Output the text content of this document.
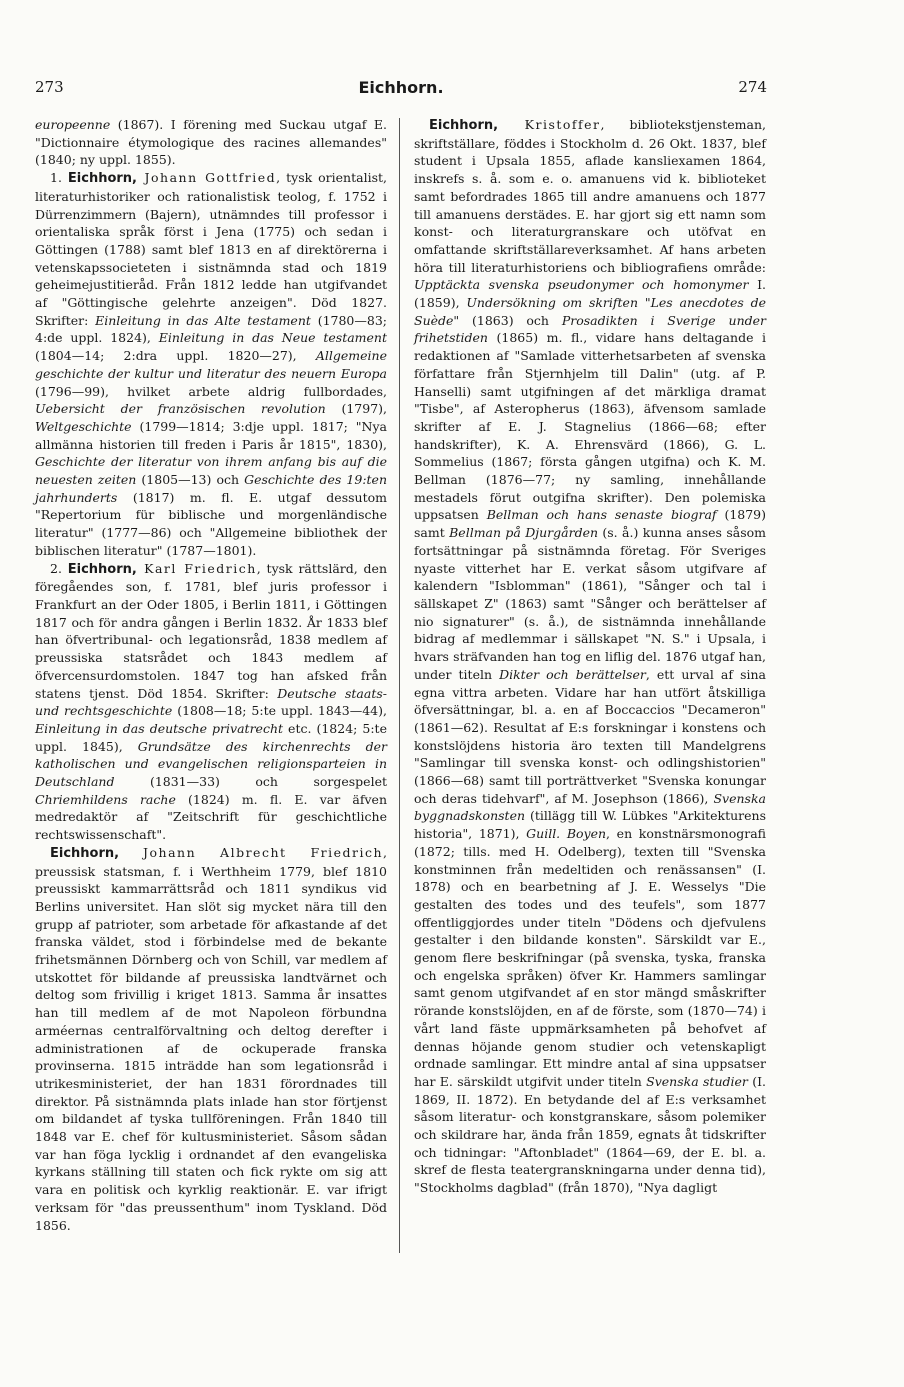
273	Eichhorn.	274

europeenne (1867). I förening med Suckau utgaf E. "Dictionnaire étymologique des racines allemandes" (1840; ny uppl. 1855).

1. Eichhorn, Johann Gottfried, tysk orientalist, literaturhistoriker och rationalistisk teolog, f. 1752 i Dürrenzimmern (Bajern), utnämndes till professor i orientaliska språk först i Jena (1775) och sedan i Göttingen (1788) samt blef 1813 en af direktörerna i vetenskapssocieteten i sistnämnda stad och 1819 geheimejustitieråd. Från 1812 ledde han utgifvandet af "Göttingische gelehrte anzeigen". Död 1827. Skrifter: Einleitung in das Alte testament (1780—83; 4:de uppl. 1824), Einleitung in das Neue testament (1804—14; 2:dra uppl. 1820—27), Allgemeine geschichte der kultur und literatur des neuern Europa (1796—99), hvilket arbete aldrig fullbordades, Uebersicht der französischen revolution (1797), Weltgeschichte (1799—1814; 3:dje uppl. 1817; "Nya allmänna historien till freden i Paris år 1815", 1830), Geschichte der literatur von ihrem anfang bis auf die neuesten zeiten (1805—13) och Geschichte des 19:ten jahrhunderts (1817) m. fl. E. utgaf dessutom "Repertorium für biblische und morgenländische literatur" (1777—86) och "Allgemeine bibliothek der biblischen literatur" (1787—1801).

2. Eichhorn, Karl Friedrich, tysk rättslärd, den föregåendes son, f. 1781, blef juris professor i Frankfurt an der Oder 1805, i Berlin 1811, i Göttingen 1817 och för andra gången i Berlin 1832. År 1833 blef han öfvertribunal- och legationsråd, 1838 medlem af preussiska statsrådet och 1843 medlem af öfvercensurdomstolen. 1847 tog han afsked från statens tjenst. Död 1854. Skrifter: Deutsche staats- und rechtsgeschichte (1808—18; 5:te uppl. 1843—44), Einleitung in das deutsche privatrecht etc. (1824; 5:te uppl. 1845), Grundsätze des kirchenrechts der katholischen und evangelischen religionsparteien in Deutschland (1831—33) och sorgespelet Chriemhildens rache (1824) m. fl. E. var äfven medredaktör af "Zeitschrift für geschichtliche rechtswissenschaft".

Eichhorn, Johann Albrecht Friedrich, preussisk statsman, f. i Werthheim 1779, blef 1810 preussiskt kammarrättsråd och 1811 syndikus vid Berlins universitet. Han slöt sig mycket nära till den grupp af patrioter, som arbetade för afkastande af det franska väldet, stod i förbindelse med de bekante frihetsmännen Dörnberg och von Schill, var medlem af utskottet för bildande af preussiska landtvärnet och deltog som frivillig i kriget 1813. Samma år insattes han till medlem af de mot Napoleon förbundna arméernas centralförvaltning och deltog derefter i administrationen af de ockuperade franska provinserna. 1815 inträdde han som legationsråd i utrikesministeriet, der han 1831 förordnades till direktor. På sistnämnda plats inlade han stor förtjenst om bildandet af tyska tullföreningen. Från 1840 till 1848 var E. chef för kultusministeriet. Såsom sådan var han föga lycklig i ordnandet af den evangeliska kyrkans ställning till staten och fick rykte om sig att vara en politisk och kyrklig reaktionär. E. var ifrigt verksam för "das preussenthum" inom Tyskland. Död 1856.

Eichhorn, Kristoffer, bibliotekstjensteman, skriftställare, föddes i Stockholm d. 26 Okt. 1837, blef student i Upsala 1855, aflade kansliexamen 1864, inskrefs s. å. som e. o. amanuens vid k. biblioteket samt befordrades 1865 till andre amanuens och 1877 till amanuens derstädes. E. har gjort sig ett namn som konst- och literaturgranskare och utöfvat en omfattande skriftställareverksamhet. Af hans arbeten höra till literaturhistoriens och bibliografiens område: Upptäckta svenska pseudonymer och homonymer I. (1859), Undersökning om skriften "Les anecdotes de Suède" (1863) och Prosadikten i Sverige under frihetstiden (1865) m. fl., vidare hans deltagande i redaktionen af "Samlade vitterhetsarbeten af svenska författare från Stjernhjelm till Dalin" (utg. af P. Hanselli) samt utgifningen af det märkliga dramat "Tisbe", af Asteropherus (1863), äfvensom samlade skrifter af E. J. Stagnelius (1866—68; efter handskrifter), K. A. Ehrensvärd (1866), G. L. Sommelius (1867; första gången utgifna) och K. M. Bellman (1876—77; ny samling, innehållande mestadels förut outgifna skrifter). Den polemiska uppsatsen Bellman och hans senaste biograf (1879) samt Bellman på Djurgården (s. å.) kunna anses såsom fortsättningar på sistnämnda företag. För Sveriges nyaste vitterhet har E. verkat såsom utgifvare af kalendern "Isblomman" (1861), "Sånger och tal i sällskapet Z" (1863) samt "Sånger och berättelser af nio signaturer" (s. å.), de sistnämnda innehållande bidrag af medlemmar i sällskapet "N. S." i Upsala, i hvars sträfvanden han tog en liflig del. 1876 utgaf han, under titeln Dikter och berättelser, ett urval af sina egna vittra arbeten. Vidare har han utfört åtskilliga öfversättningar, bl. a. en af Boccaccios "Decameron" (1861—62). Resultat af E:s forskningar i konstens och konstslöjdens historia äro texten till Mandelgrens "Samlingar till svenska konst- och odlingshistorien" (1866—68) samt till porträttverket "Svenska konungar och deras tidehvarf", af M. Josephson (1866), Svenska byggnadskonsten (tillägg till W. Lübkes "Arkitekturens historia", 1871), Guill. Boyen, en konstnärsmonografi (1872; tills. med H. Odelberg), texten till "Svenska konstminnen från medeltiden och renässansen" (I. 1878) och en bearbetning af J. E. Wesselys "Die gestalten des todes und des teufels", som 1877 offentliggjordes under titeln "Dödens och djefvulens gestalter i den bildande konsten". Särskildt var E., genom flere beskrifningar (på svenska, tyska, franska och engelska språken) öfver Kr. Hammers samlingar samt genom utgifvandet af en stor mängd småskrifter rörande konstslöjden, en af de förste, som (1870—74) i vårt land fäste uppmärksamheten på behofvet af dennas höjande genom studier och vetenskapligt ordnade samlingar. Ett mindre antal af sina uppsatser har E. särskildt utgifvit under titeln Svenska studier (I. 1869, II. 1872). En betydande del af E:s verksamhet såsom literatur- och konstgranskare, såsom polemiker och skildrare har, ända från 1859, egnats åt tidskrifter och tidningar: "Aftonbladet" (1864—69, der E. bl. a. skref de flesta teatergranskningarna under denna tid), "Stockholms dagblad" (från 1870), "Nya dagligt
